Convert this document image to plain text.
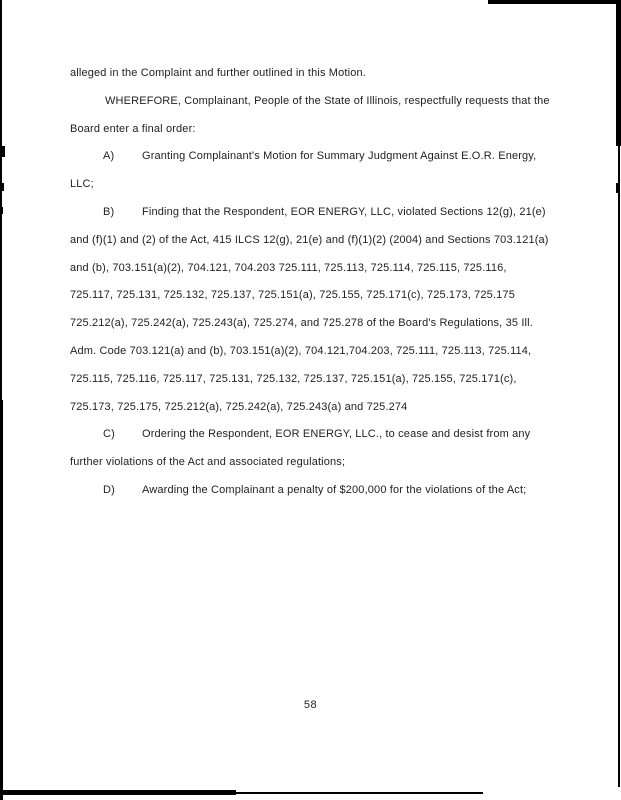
alleged in the Complaint and further outlined in this Motion.
WHEREFORE, Complainant, People of the State of Illinois, respectfully requests that the
Board enter a final order:
A)	Granting Complainant's Motion for Summary Judgment Against E.O.R. Energy,
LLC;
B)	Finding that the Respondent, EOR ENERGY, LLC, violated Sections 12(g), 21(e)
and (f)(1) and (2) of the Act, 415 ILCS 12(g), 21(e) and (f)(1)(2) (2004) and Sections 703.121(a)
and (b), 703.151(a)(2), 704.121, 704.203 725.111, 725.113, 725.114, 725.115, 725.116,
725.117, 725.131, 725.132, 725.137, 725.151(a), 725.155, 725.171(c), 725.173, 725.175
725.212(a), 725.242(a), 725.243(a), 725.274, and 725.278 of the Board's Regulations, 35 Ill.
Adm. Code 703.121(a) and (b), 703.151(a)(2), 704.121,704.203, 725.111, 725.113, 725.114,
725.115, 725.116, 725.117, 725.131, 725.132, 725.137, 725.151(a), 725.155, 725.171(c),
725.173, 725.175, 725.212(a), 725.242(a), 725.243(a) and 725.274
C) Ordering the Respondent, EOR ENERGY, LLC., to cease and desist from any
further violations of the Act and associated regulations;
D) Awarding the Complainant a penalty of $200,000 for the violations of the Act;
58
